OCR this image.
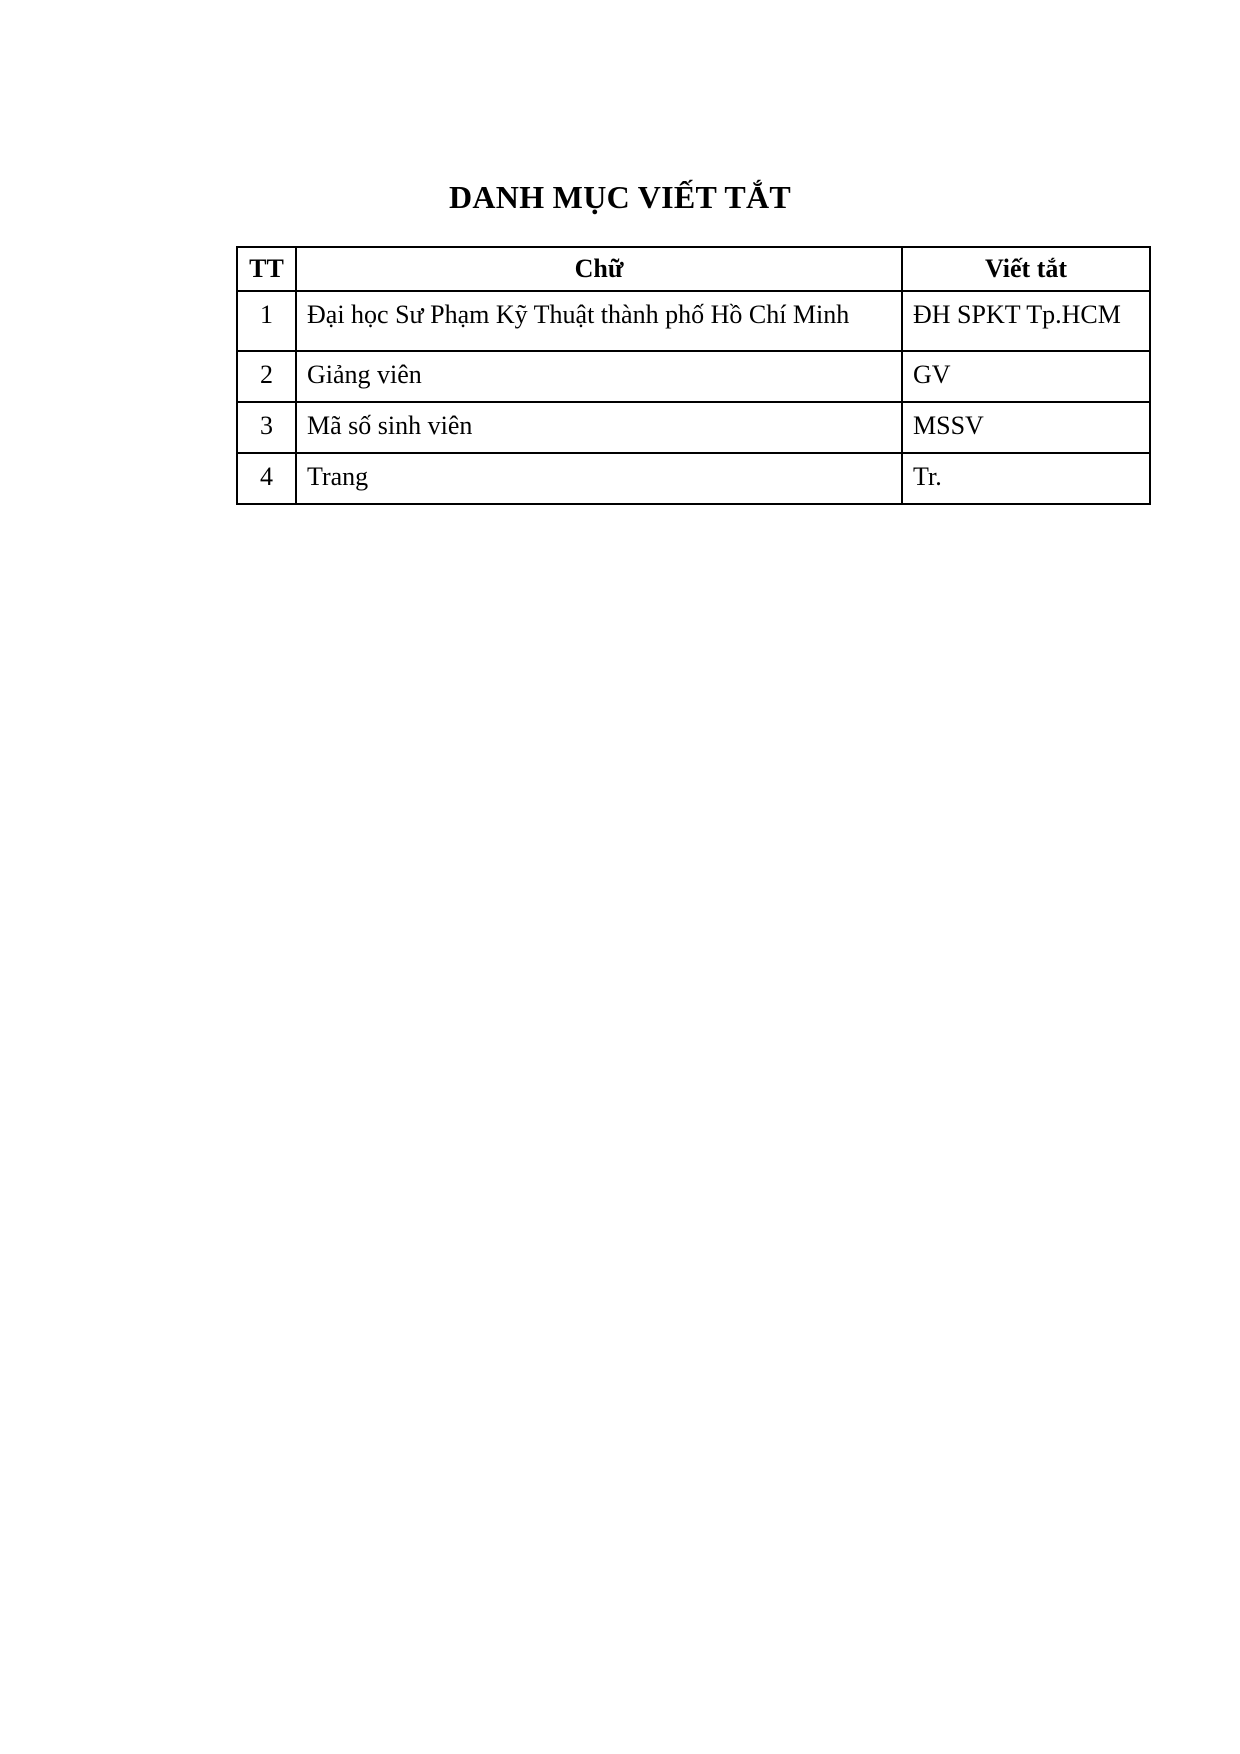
DANH MỤC VIẾT TẮT
TT	Chữ	Viết tắt
1	Đại học Sư Phạm Kỹ Thuật thành phố Hồ Chí Minh	ĐH SPKT Tp.HCM
2	Giảng viên	GV
3	Mã số sinh viên	MSSV
4	Trang	Tr.
